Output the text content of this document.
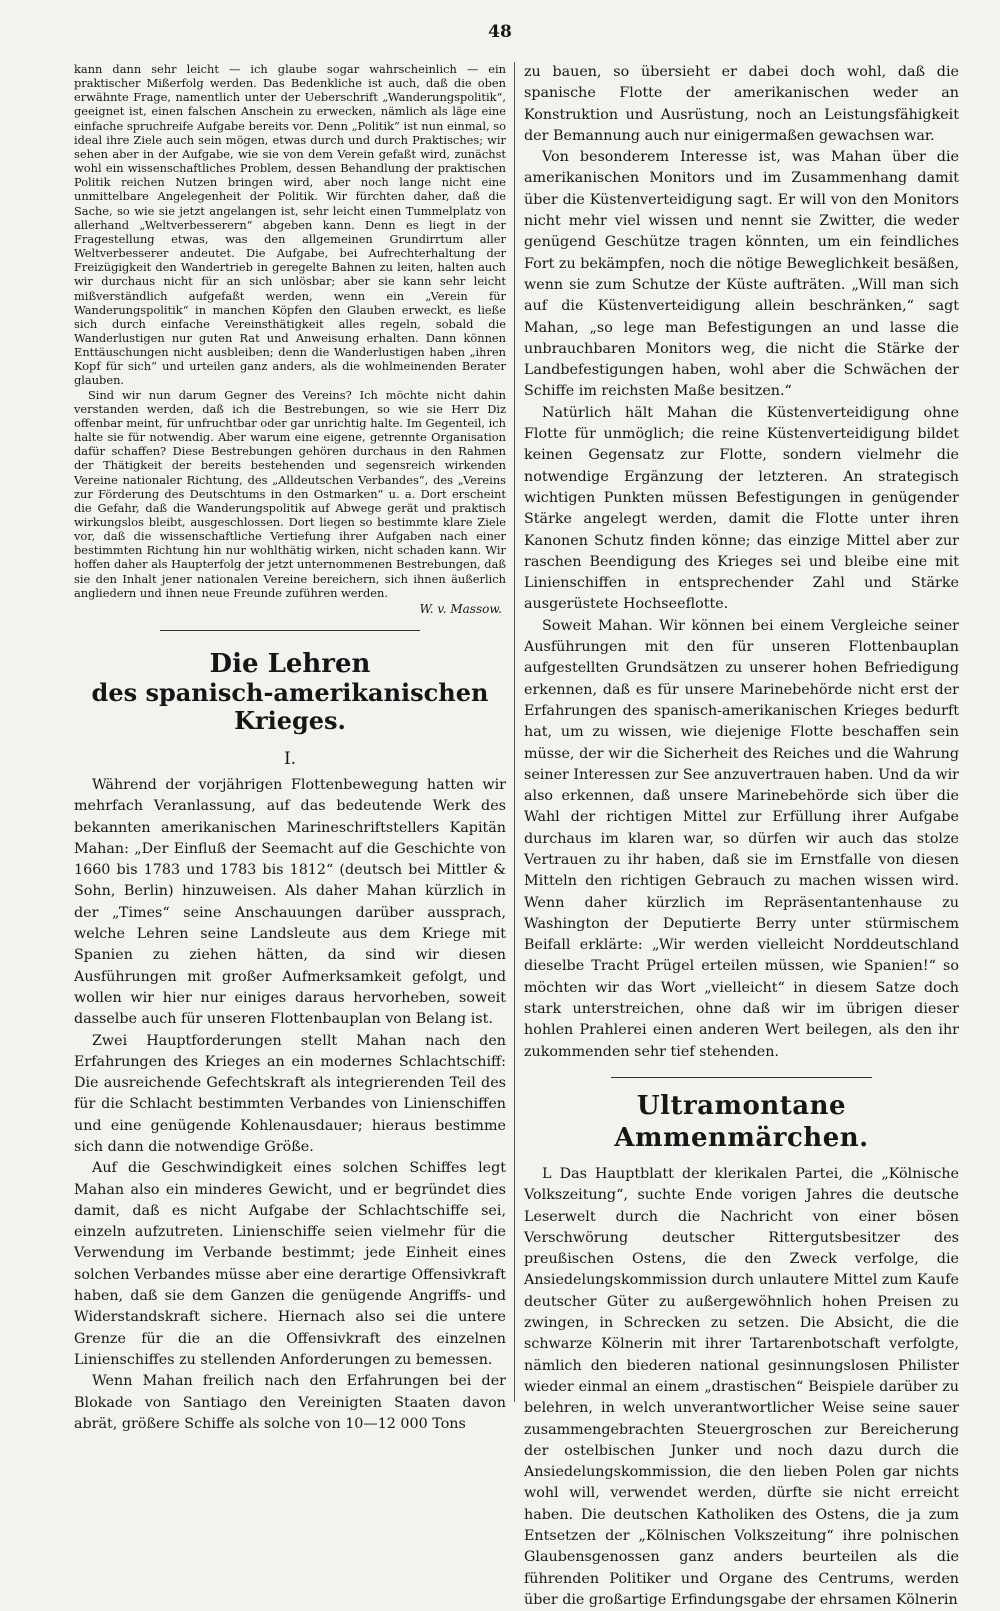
48

kann dann sehr leicht — ich glaube sogar wahrscheinlich — ein praktischer Mißerfolg werden. Das Bedenkliche ist auch, daß die oben erwähnte Frage, namentlich unter der Ueberschrift „Wanderungspolitik“, geeignet ist, einen falschen Anschein zu erwecken, nämlich als läge eine einfache spruchreife Aufgabe bereits vor. Denn „Politik“ ist nun einmal, so ideal ihre Ziele auch sein mögen, etwas durch und durch Praktisches; wir sehen aber in der Aufgabe, wie sie von dem Verein gefaßt wird, zunächst wohl ein wissenschaftliches Problem, dessen Behandlung der praktischen Politik reichen Nutzen bringen wird, aber noch lange nicht eine unmittelbare Angelegenheit der Politik. Wir fürchten daher, daß die Sache, so wie sie jetzt angelangen ist, sehr leicht einen Tummelplatz von allerhand „Weltverbesserern“ abgeben kann. Denn es liegt in der Fragestellung etwas, was den allgemeinen Grundirrtum aller Weltverbesserer andeutet. Die Aufgabe, bei Aufrechterhaltung der Freizügigkeit den Wandertrieb in geregelte Bahnen zu leiten, halten auch wir durchaus nicht für an sich unlösbar; aber sie kann sehr leicht mißverständlich aufgefaßt werden, wenn ein „Verein für Wanderungspolitik“ in manchen Köpfen den Glauben erweckt, es ließe sich durch einfache Vereinsthätigkeit alles regeln, sobald die Wanderlustigen nur guten Rat und Anweisung erhalten. Dann können Enttäuschungen nicht ausbleiben; denn die Wanderlustigen haben „ihren Kopf für sich“ und urteilen ganz anders, als die wohlmeinenden Berater glauben.

Sind wir nun darum Gegner des Vereins? Ich möchte nicht dahin verstanden werden, daß ich die Bestrebungen, so wie sie Herr Diz offenbar meint, für unfruchtbar oder gar unrichtig halte. Im Gegenteil, ich halte sie für notwendig. Aber warum eine eigene, getrennte Organisation dafür schaffen? Diese Bestrebungen gehören durchaus in den Rahmen der Thätigkeit der bereits bestehenden und segensreich wirkenden Vereine nationaler Richtung, des „Alldeutschen Verbandes“, des „Vereins zur Förderung des Deutschtums in den Ostmarken“ u. a. Dort erscheint die Gefahr, daß die Wanderungspolitik auf Abwege gerät und praktisch wirkungslos bleibt, ausgeschlossen. Dort liegen so bestimmte klare Ziele vor, daß die wissenschaftliche Vertiefung ihrer Aufgaben nach einer bestimmten Richtung hin nur wohlthätig wirken, nicht schaden kann. Wir hoffen daher als Haupterfolg der jetzt unternommenen Bestrebungen, daß sie den Inhalt jener nationalen Vereine bereichern, sich ihnen äußerlich angliedern und ihnen neue Freunde zuführen werden.

W. v. Massow.
Die Lehren
des spanisch-amerikanischen Krieges.
I.

Während der vorjährigen Flottenbewegung hatten wir mehrfach Veranlassung, auf das bedeutende Werk des bekannten amerikanischen Marineschriftstellers Kapitän Mahan: „Der Einfluß der Seemacht auf die Geschichte von 1660 bis 1783 und 1783 bis 1812“ (deutsch bei Mittler & Sohn, Berlin) hinzuweisen. Als daher Mahan kürzlich in der „Times“ seine Anschauungen darüber aussprach, welche Lehren seine Landsleute aus dem Kriege mit Spanien zu ziehen hätten, da sind wir diesen Ausführungen mit großer Aufmerksamkeit gefolgt, und wollen wir hier nur einiges daraus hervorheben, soweit dasselbe auch für unseren Flottenbauplan von Belang ist.

Zwei Hauptforderungen stellt Mahan nach den Erfahrungen des Krieges an ein modernes Schlachtschiff: Die ausreichende Gefechtskraft als integrierenden Teil des für die Schlacht bestimmten Verbandes von Linienschiffen und eine genügende Kohlenausdauer; hieraus bestimme sich dann die notwendige Größe.

Auf die Geschwindigkeit eines solchen Schiffes legt Mahan also ein minderes Gewicht, und er begründet dies damit, daß es nicht Aufgabe der Schlachtschiffe sei, einzeln aufzutreten. Linienschiffe seien vielmehr für die Verwendung im Verbande bestimmt; jede Einheit eines solchen Verbandes müsse aber eine derartige Offensivkraft haben, daß sie dem Ganzen die genügende Angriffs- und Widerstandskraft sichere. Hiernach also sei die untere Grenze für die an die Offensivkraft des einzelnen Linienschiffes zu stellenden Anforderungen zu bemessen.

Wenn Mahan freilich nach den Erfahrungen bei der Blokade von Santiago den Vereinigten Staaten davon abrät, größere Schiffe als solche von 10—12 000 Tons

zu bauen, so übersieht er dabei doch wohl, daß die spanische Flotte der amerikanischen weder an Konstruktion und Ausrüstung, noch an Leistungsfähigkeit der Bemannung auch nur einigermaßen gewachsen war.

Von besonderem Interesse ist, was Mahan über die amerikanischen Monitors und im Zusammenhang damit über die Küstenverteidigung sagt. Er will von den Monitors nicht mehr viel wissen und nennt sie Zwitter, die weder genügend Geschütze tragen könnten, um ein feindliches Fort zu bekämpfen, noch die nötige Beweglichkeit besäßen, wenn sie zum Schutze der Küste aufträten. „Will man sich auf die Küstenverteidigung allein beschränken,“ sagt Mahan, „so lege man Befestigungen an und lasse die unbrauchbaren Monitors weg, die nicht die Stärke der Landbefestigungen haben, wohl aber die Schwächen der Schiffe im reichsten Maße besitzen.“

Natürlich hält Mahan die Küstenverteidigung ohne Flotte für unmöglich; die reine Küstenverteidigung bildet keinen Gegensatz zur Flotte, sondern vielmehr die notwendige Ergänzung der letzteren. An strategisch wichtigen Punkten müssen Befestigungen in genügender Stärke angelegt werden, damit die Flotte unter ihren Kanonen Schutz finden könne; das einzige Mittel aber zur raschen Beendigung des Krieges sei und bleibe eine mit Linienschiffen in entsprechender Zahl und Stärke ausgerüstete Hochseeflotte.

Soweit Mahan. Wir können bei einem Vergleiche seiner Ausführungen mit den für unseren Flottenbauplan aufgestellten Grundsätzen zu unserer hohen Befriedigung erkennen, daß es für unsere Marinebehörde nicht erst der Erfahrungen des spanisch-amerikanischen Krieges bedurft hat, um zu wissen, wie diejenige Flotte beschaffen sein müsse, der wir die Sicherheit des Reiches und die Wahrung seiner Interessen zur See anzuvertrauen haben. Und da wir also erkennen, daß unsere Marinebehörde sich über die Wahl der richtigen Mittel zur Erfüllung ihrer Aufgabe durchaus im klaren war, so dürfen wir auch das stolze Vertrauen zu ihr haben, daß sie im Ernstfalle von diesen Mitteln den richtigen Gebrauch zu machen wissen wird. Wenn daher kürzlich im Repräsentantenhause zu Washington der Deputierte Berry unter stürmischem Beifall erklärte: „Wir werden vielleicht Norddeutschland dieselbe Tracht Prügel erteilen müssen, wie Spanien!“ so möchten wir das Wort „vielleicht“ in diesem Satze doch stark unterstreichen, ohne daß wir im übrigen dieser hohlen Prahlerei einen anderen Wert beilegen, als den ihr zukommenden sehr tief stehenden.

Ultramontane Ammenmärchen.

L Das Hauptblatt der klerikalen Partei, die „Kölnische Volkszeitung“, suchte Ende vorigen Jahres die deutsche Leserwelt durch die Nachricht von einer bösen Verschwörung deutscher Rittergutsbesitzer des preußischen Ostens, die den Zweck verfolge, die Ansiedelungskommission durch unlautere Mittel zum Kaufe deutscher Güter zu außergewöhnlich hohen Preisen zu zwingen, in Schrecken zu setzen. Die Absicht, die die schwarze Kölnerin mit ihrer Tartarenbotschaft verfolgte, nämlich den biederen national gesinnungslosen Philister wieder einmal an einem „drastischen“ Beispiele darüber zu belehren, in welch unverantwortlicher Weise seine sauer zusammengebrachten Steuergroschen zur Bereicherung der ostelbischen Junker und noch dazu durch die Ansiedelungskommission, die den lieben Polen gar nichts wohl will, verwendet werden, dürfte sie nicht erreicht haben. Die deutschen Katholiken des Ostens, die ja zum Entsetzen der „Kölnischen Volkszeitung“ ihre polnischen Glaubensgenossen ganz anders beurteilen als die führenden Politiker und Organe des Centrums, werden über die großartige Erfindungsgabe der ehrsamen Kölnerin
